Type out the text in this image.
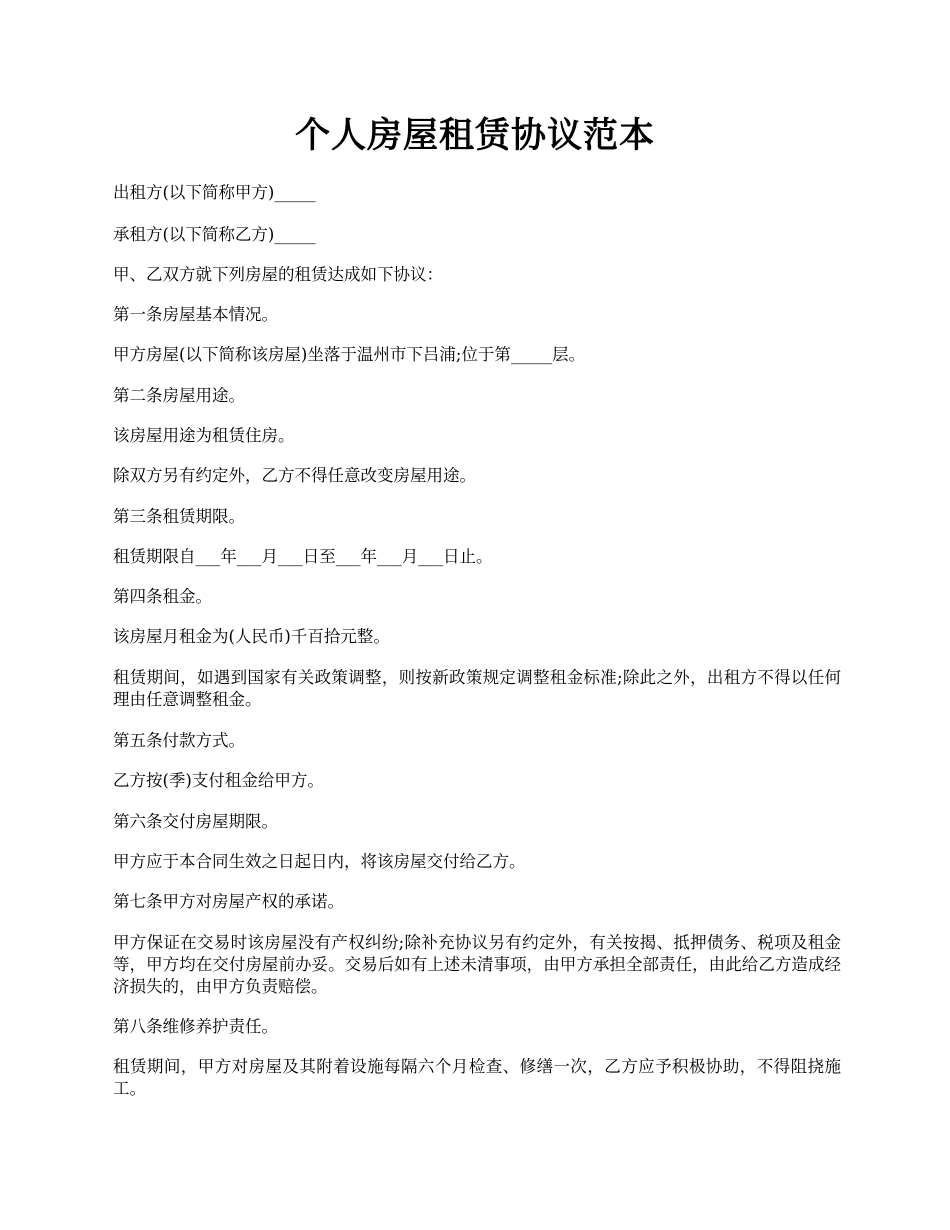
个人房屋租赁协议范本

出租方(以下简称甲方)_____

承租方(以下简称乙方)_____

甲、乙双方就下列房屋的租赁达成如下协议：

第一条房屋基本情况。

甲方房屋(以下简称该房屋)坐落于温州市下吕浦;位于第_____层。

第二条房屋用途。

该房屋用途为租赁住房。

除双方另有约定外，乙方不得任意改变房屋用途。

第三条租赁期限。

租赁期限自___年___月___日至___年___月___日止。

第四条租金。

该房屋月租金为(人民币)千百拾元整。

租赁期间，如遇到国家有关政策调整，则按新政策规定调整租金标准;除此之外，出租方不得以任何理由任意调整租金。

第五条付款方式。

乙方按(季)支付租金给甲方。

第六条交付房屋期限。

甲方应于本合同生效之日起日内，将该房屋交付给乙方。

第七条甲方对房屋产权的承诺。

甲方保证在交易时该房屋没有产权纠纷;除补充协议另有约定外，有关按揭、抵押债务、税项及租金等，甲方均在交付房屋前办妥。交易后如有上述未清事项，由甲方承担全部责任，由此给乙方造成经济损失的，由甲方负责赔偿。

第八条维修养护责任。

租赁期间，甲方对房屋及其附着设施每隔六个月检查、修缮一次，乙方应予积极协助，不得阻挠施工。
